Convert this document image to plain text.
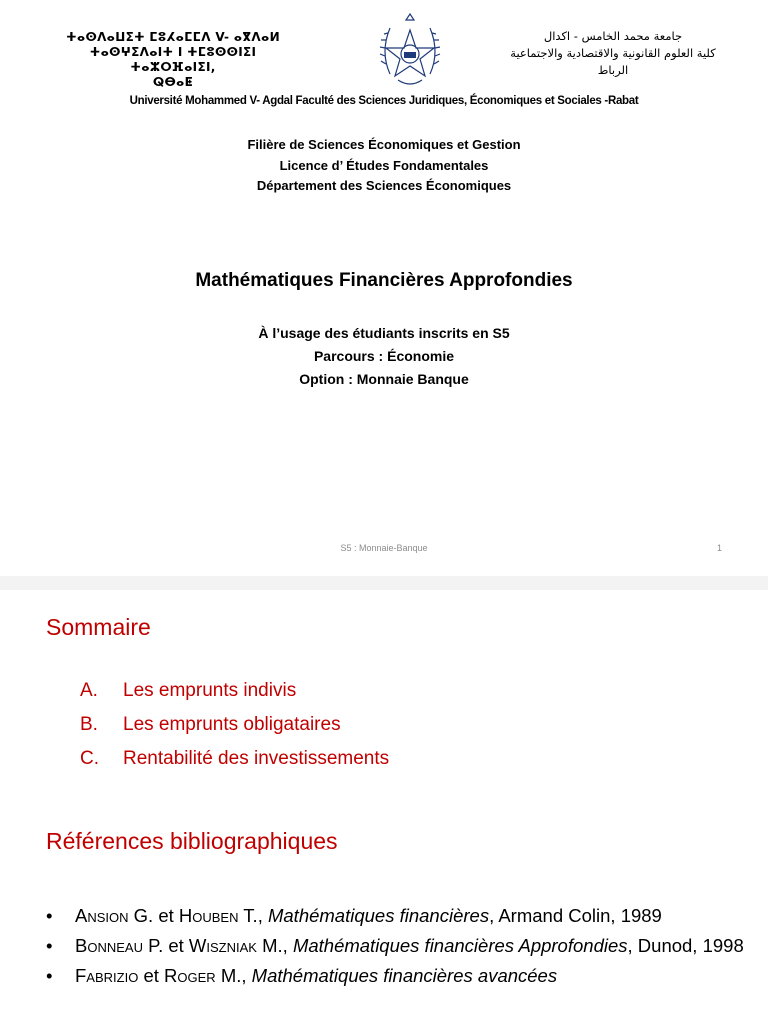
ⵜⴰⵙⴷⴰⵡⵉⵜ ⵎⵓⵃⴰⵎⵎⴷ V- ⴰⴳⴷⴰⵍ
ⵜⴰⵙⵖⵉⴷⴰⵏⵜ ⵏ ⵜⵎⵓⵙⵙⵏⵉⵏ ⵜⴰⵣⵔⴼⴰⵏⵉⵏ,
ⵕⴱⴰⵟ
جامعة محمد الخامس - اكدال
كلية العلوم القانونية والاقتصادية والاجتماعية
الرباط
Université Mohammed V- Agdal Faculté des Sciences Juridiques, Économiques et Sociales -Rabat
Filière de Sciences Économiques et Gestion
Licence d’ Études Fondamentales
Département des Sciences Économiques
Mathématiques Financières Approfondies
À l’usage des étudiants inscrits en S5
Parcours : Économie
Option : Monnaie Banque
S5 : Monnaie-Banque	1
Sommaire
A.	Les emprunts indivis
B.	Les emprunts obligataires
C.	Rentabilité des investissements
Références bibliographiques
•	Ansion G. et Houben T., Mathématiques financières, Armand Colin, 1989
•	Bonneau P. et Wiszniak M., Mathématiques financières Approfondies, Dunod, 1998
•	Fabrizio et Roger M., Mathématiques financières avancées
